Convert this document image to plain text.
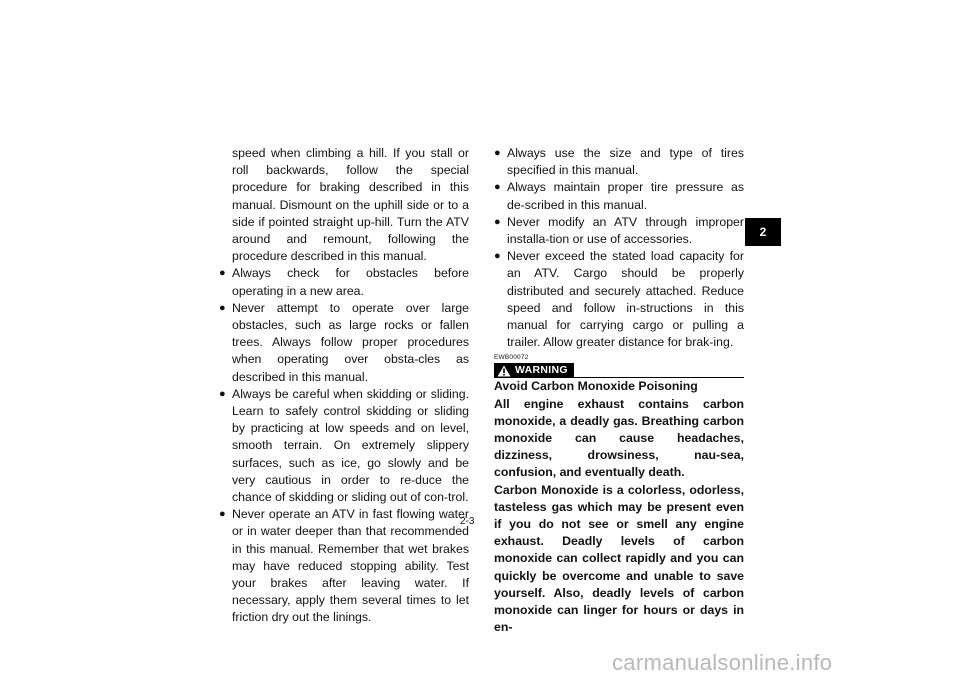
speed when climbing a hill. If you stall or roll backwards, follow the special procedure for braking described in this manual. Dismount on the uphill side or to a side if pointed straight up-hill. Turn the ATV around and remount, following the procedure described in this manual.

● Always check for obstacles before operating in a new area.

● Never attempt to operate over large obstacles, such as large rocks or fallen trees. Always follow proper procedures when operating over obsta-cles as described in this manual.

● Always be careful when skidding or sliding. Learn to safely control skidding or sliding by practicing at low speeds and on level, smooth terrain. On extremely slippery surfaces, such as ice, go slowly and be very cautious in order to re-duce the chance of skidding or sliding out of con-trol.

● Never operate an ATV in fast flowing water or in water deeper than that recommended in this manual. Remember that wet brakes may have reduced stopping ability. Test your brakes after leaving water. If necessary, apply them several times to let friction dry out the linings.

● Always use the size and type of tires specified in this manual.

● Always maintain proper tire pressure as de-scribed in this manual.

● Never modify an ATV through improper installa-tion or use of accessories.

● Never exceed the stated load capacity for an ATV. Cargo should be properly distributed and securely attached. Reduce speed and follow in-structions in this manual for carrying cargo or pulling a trailer. Allow greater distance for brak-ing.

EWB00072
WARNING

Avoid Carbon Monoxide Poisoning

All engine exhaust contains carbon monoxide, a deadly gas. Breathing carbon monoxide can cause headaches, dizziness, drowsiness, nau-sea, confusion, and eventually death.

Carbon Monoxide is a colorless, odorless, tasteless gas which may be present even if you do not see or smell any engine exhaust. Deadly levels of carbon monoxide can collect rapidly and you can quickly be overcome and unable to save yourself. Also, deadly levels of carbon monoxide can linger for hours or days in en-

2
2-3
carmanualsonline.info
